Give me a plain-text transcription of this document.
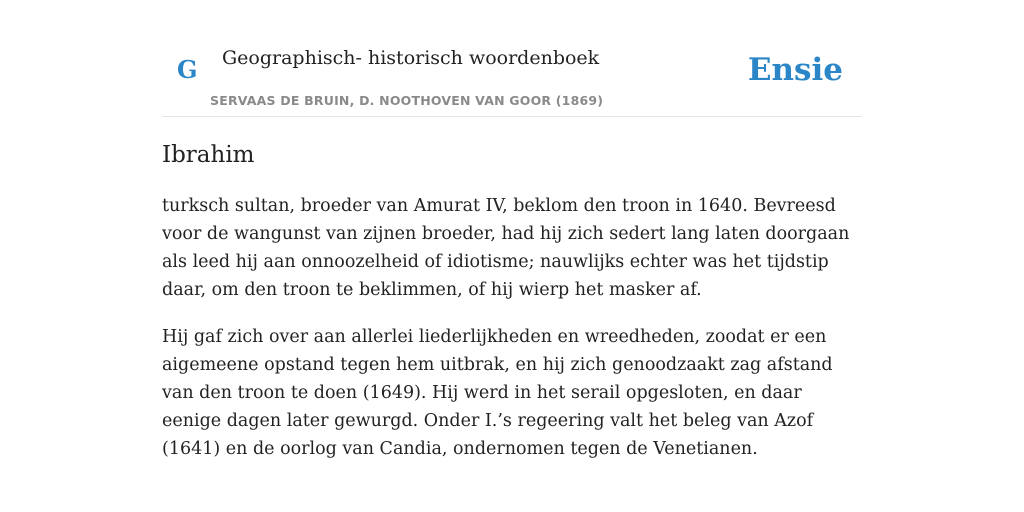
G Geographisch- historisch woordenboek
SERVAAS DE BRUIN, D. NOOTHOVEN VAN GOOR (1869)
Ensie
Ibrahim

turksch sultan, broeder van Amurat IV, beklom den troon in 1640. Bevreesd voor de wangunst van zijnen broeder, had hij zich sedert lang laten doorgaan als leed hij aan onnoozelheid of idiotisme; nauwlijks echter was het tijdstip daar, om den troon te beklimmen, of hij wierp het masker af.

Hij gaf zich over aan allerlei liederlijkheden en wreedheden, zoodat er een aigemeene opstand tegen hem uitbrak, en hij zich genoodzaakt zag afstand van den troon te doen (1649). Hij werd in het serail opgesloten, en daar eenige dagen later gewurgd. Onder I.’s regeering valt het beleg van Azof (1641) en de oorlog van Candia, ondernomen tegen de Venetianen.
